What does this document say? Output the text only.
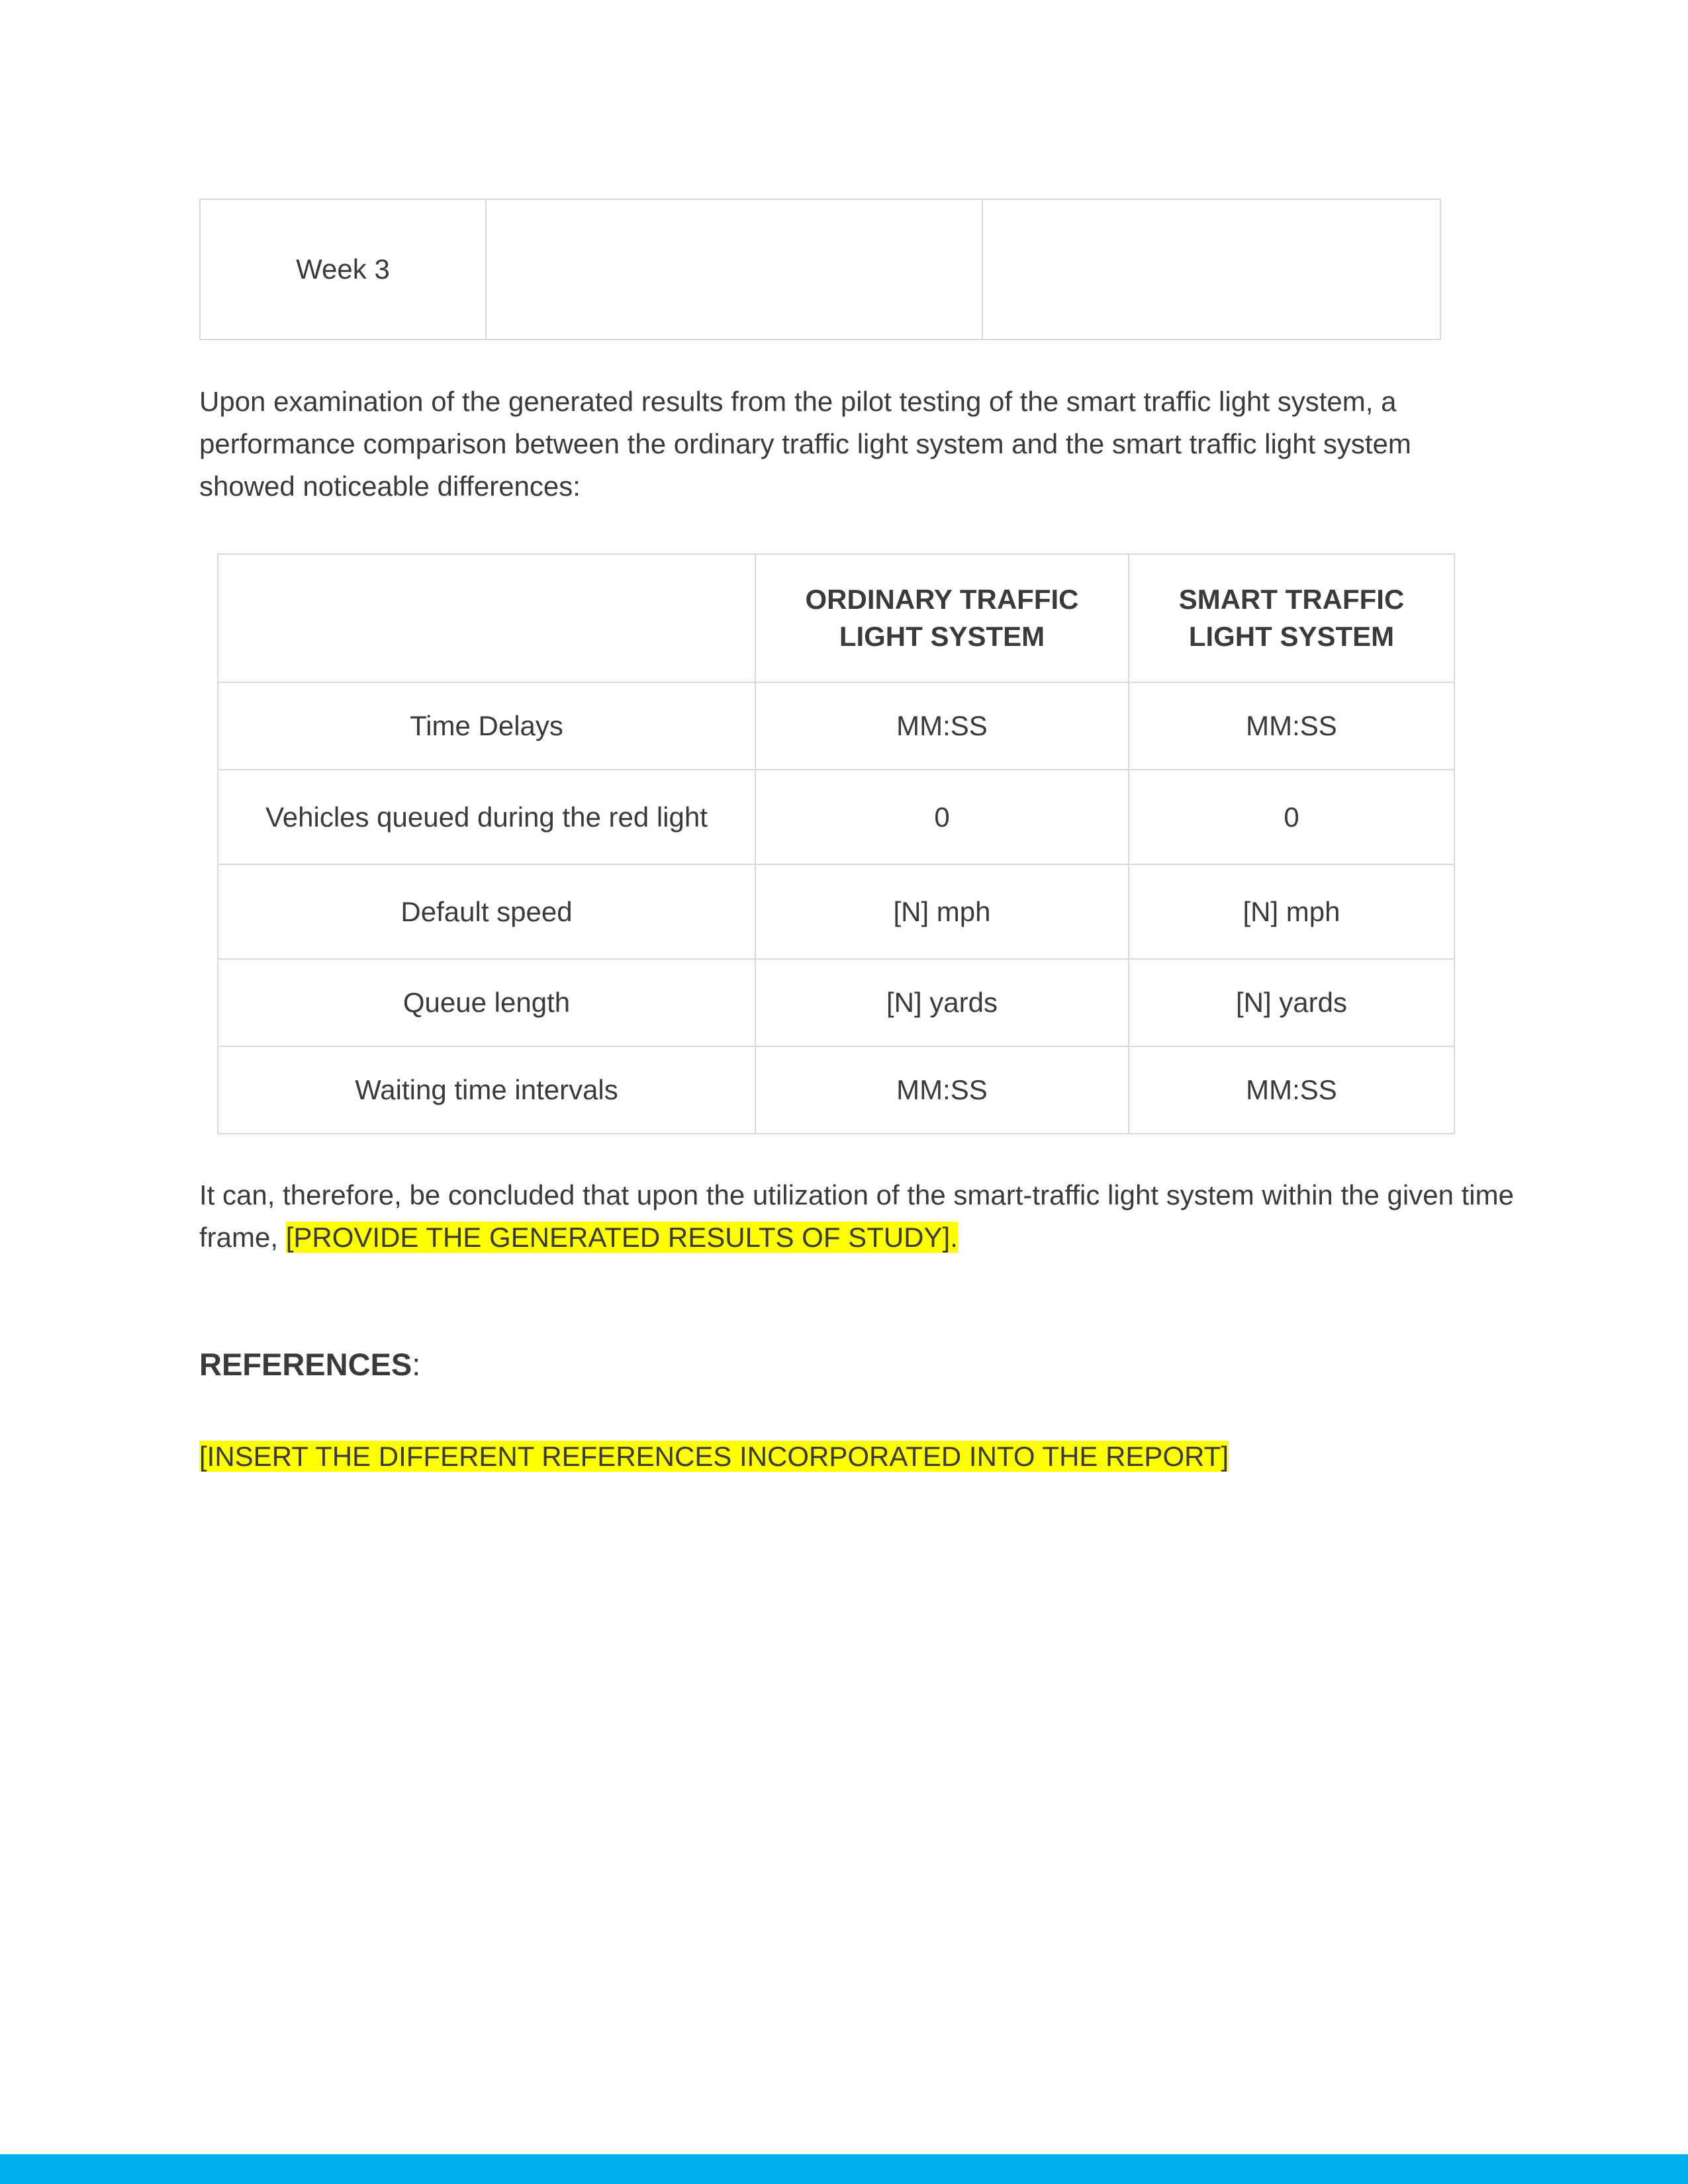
Week 3		

Upon examination of the generated results from the pilot testing of the smart traffic light system, a performance comparison between the ordinary traffic light system and the smart traffic light system showed noticeable differences:

	ORDINARY TRAFFIC LIGHT SYSTEM	SMART TRAFFIC LIGHT SYSTEM
Time Delays	MM:SS	MM:SS
Vehicles queued during the red light	0	0
Default speed	[N] mph	[N] mph
Queue length	[N] yards	[N] yards
Waiting time intervals	MM:SS	MM:SS

It can, therefore, be concluded that upon the utilization of the smart-traffic light system within the given time frame, [PROVIDE THE GENERATED RESULTS OF STUDY].

REFERENCES:

[INSERT THE DIFFERENT REFERENCES INCORPORATED INTO THE REPORT]
